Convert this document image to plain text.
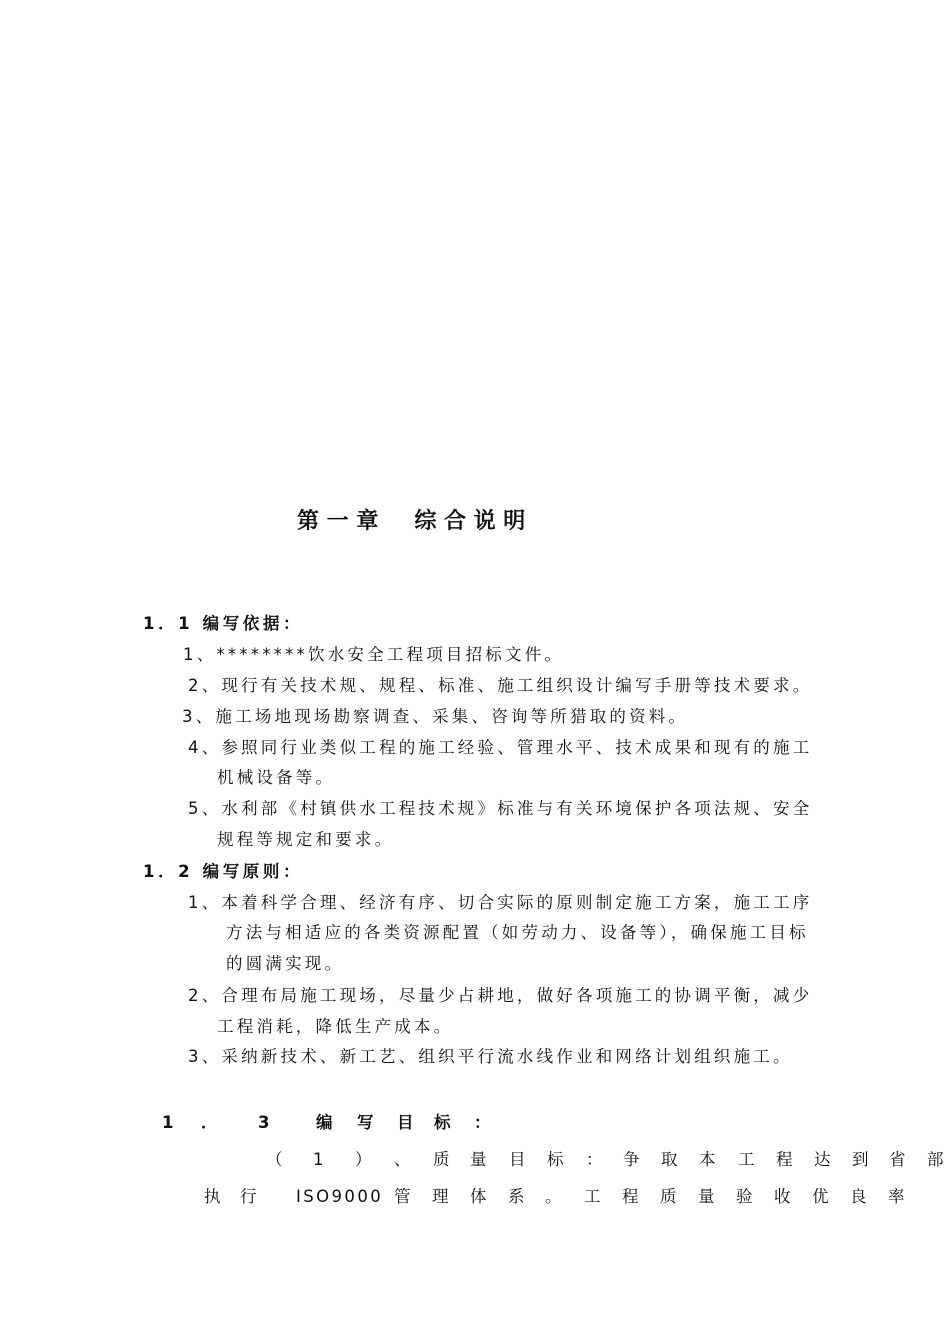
第 一 章 综 合 说 明
1．1 编写依据：
1、********饮水安全工程项目招标文件。
2、现行有关技术规、规程、标准、施工组织设计编写手册等技术要求。
3、施工场地现场勘察调查、采集、咨询等所猎取的资料。
4、参照同行业类似工程的施工经验、管理水平、技术成果和现有的施工
机械设备等。
5、水利部《村镇供水工程技术规》标准与有关环境保护各项法规、安全
规程等规定和要求。
1．2 编写原则：
1、本着科学合理、经济有序、切合实际的原则制定施工方案，施工工序
方法与相适应的各类资源配置（如劳动力、设备等），确保施工目标
的圆满实现。
2、合理布局施工现场，尽量少占耕地，做好各项施工的协调平衡，减少
工程消耗，降低生产成本。
3、采纳新技术、新工艺、组织平行流水线作业和网络计划组织施工。
1 ． 3	编 写 目 标 ：
（ 1 ） 、 质 量 目 标 ： 争 取 本 工 程 达 到 省 部
执 行 ISO9000 管 理 体 系 。 工 程 质 量 验 收 优 良 率
